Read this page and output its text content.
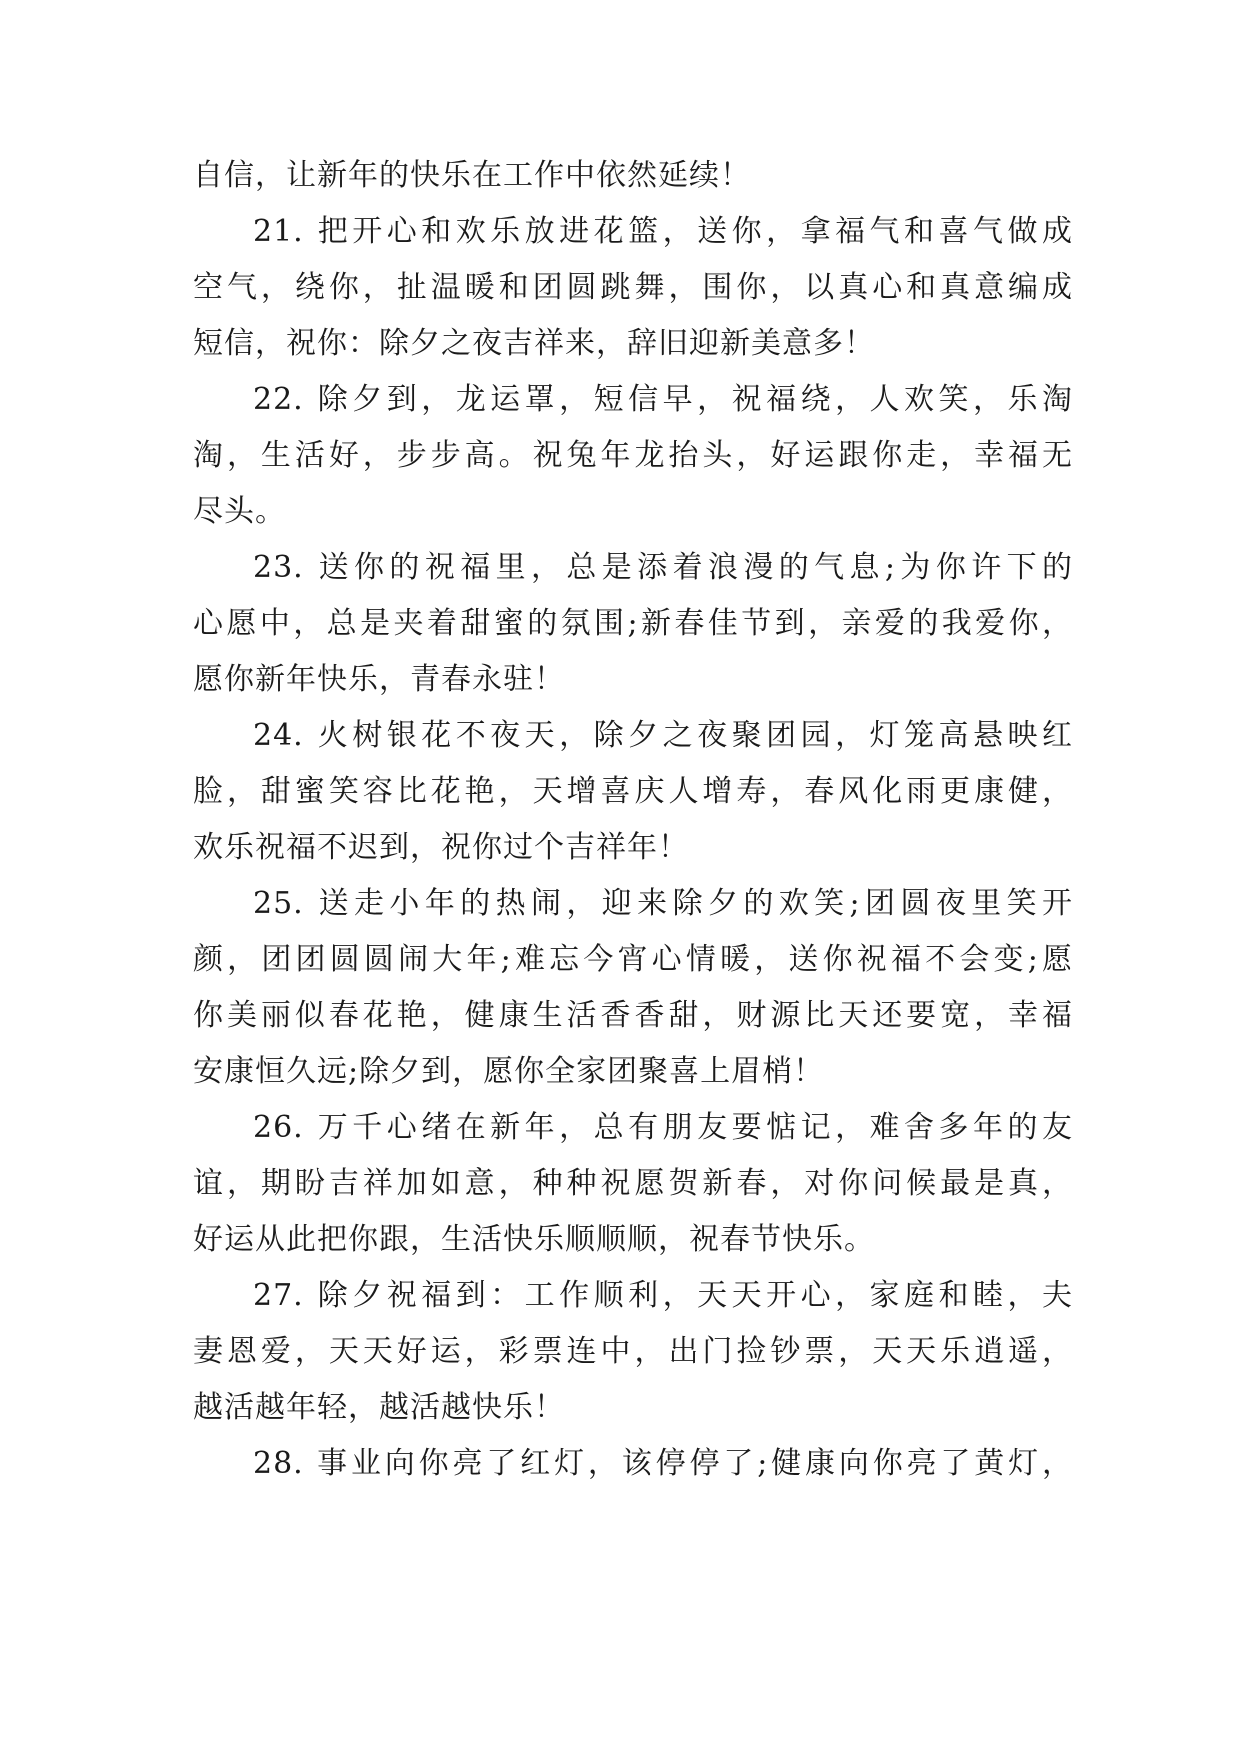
自信，让新年的快乐在工作中依然延续！
21. 把开心和欢乐放进花篮，送你，拿福气和喜气做成
空气，绕你，扯温暖和团圆跳舞，围你，以真心和真意编成
短信，祝你：除夕之夜吉祥来，辞旧迎新美意多！
22. 除夕到，龙运罩，短信早，祝福绕，人欢笑，乐淘
淘，生活好，步步高。祝兔年龙抬头，好运跟你走，幸福无
尽头。
23. 送你的祝福里，总是添着浪漫的气息;为你许下的
心愿中，总是夹着甜蜜的氛围;新春佳节到，亲爱的我爱你，
愿你新年快乐，青春永驻！
24. 火树银花不夜天，除夕之夜聚团园，灯笼高悬映红
脸，甜蜜笑容比花艳，天增喜庆人增寿，春风化雨更康健，
欢乐祝福不迟到，祝你过个吉祥年！
25. 送走小年的热闹，迎来除夕的欢笑;团圆夜里笑开
颜，团团圆圆闹大年;难忘今宵心情暖，送你祝福不会变;愿
你美丽似春花艳，健康生活香香甜，财源比天还要宽，幸福
安康恒久远;除夕到，愿你全家团聚喜上眉梢！
26. 万千心绪在新年，总有朋友要惦记，难舍多年的友
谊，期盼吉祥加如意，种种祝愿贺新春，对你问候最是真，
好运从此把你跟，生活快乐顺顺顺，祝春节快乐。
27. 除夕祝福到：工作顺利，天天开心，家庭和睦，夫
妻恩爱，天天好运，彩票连中，出门捡钞票，天天乐逍遥，
越活越年轻，越活越快乐！
28. 事业向你亮了红灯，该停停了;健康向你亮了黄灯，
